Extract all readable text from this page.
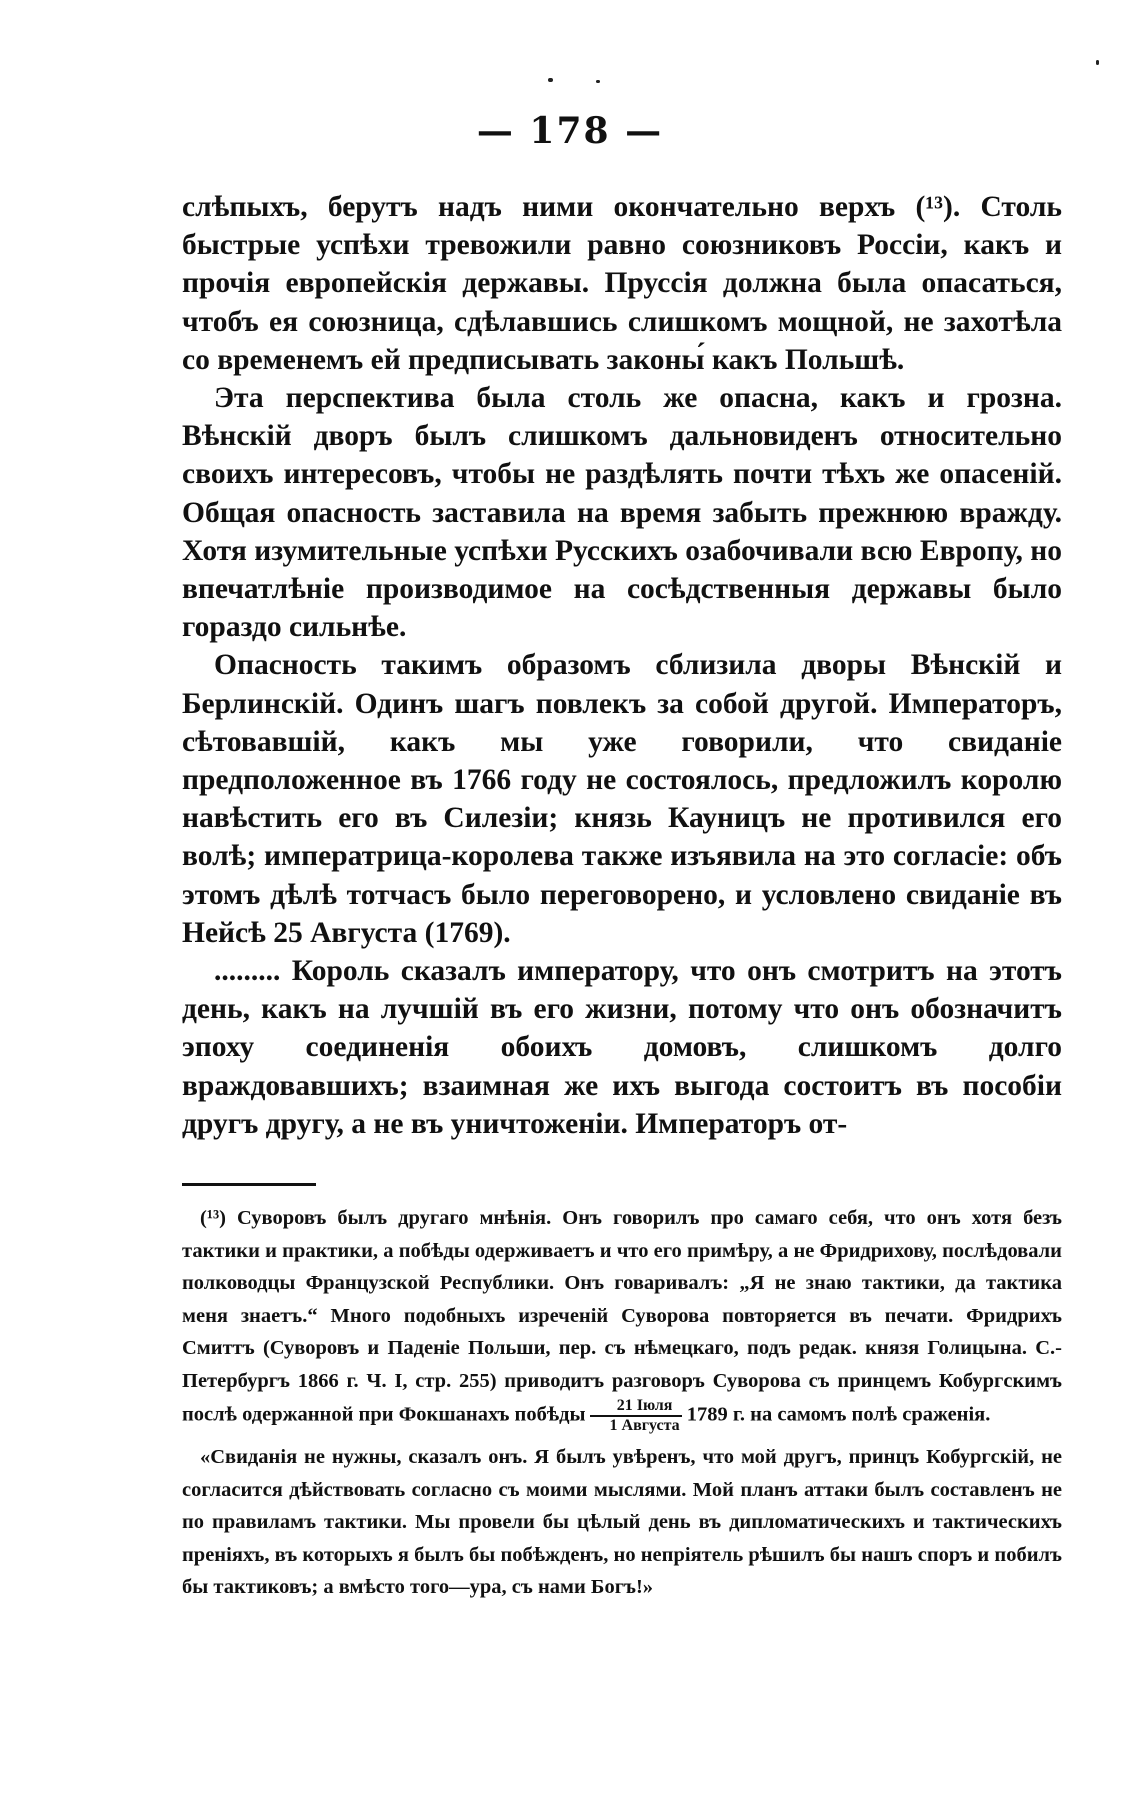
— 178 —

слѣпыхъ, берутъ надъ ними окончательно верхъ (¹³). Столь быстрые успѣхи тревожили равно союзниковъ Россіи, какъ и прочія европейскія державы. Пруссія должна была опасаться, чтобъ ея союзница, сдѣлавшись слишкомъ мощной, не захотѣла со временемъ ей предписывать законы́ какъ Польшѣ.

Эта перспектива была столь же опасна, какъ и грозна. Вѣнскій дворъ былъ слишкомъ дальновиденъ относительно своихъ интересовъ, чтобы не раздѣлять почти тѣхъ же опасеній. Общая опасность заставила на время забыть прежнюю вражду. Хотя изумительные успѣхи Русскихъ озабочивали всю Европу, но впечатлѣніе производимое на сосѣдственныя державы было гораздо сильнѣе.

Опасность такимъ образомъ сблизила дворы Вѣнскій и Берлинскій. Одинъ шагъ повлекъ за собой другой. Императоръ, сѣтовавшій, какъ мы уже говорили, что свиданіе предположенное въ 1766 году не состоялось, предложилъ королю навѣстить его въ Силезіи; князь Кауницъ не противился его волѣ; императрица-королева также изъявила на это согласіе: объ этомъ дѣлѣ тотчасъ было переговорено, и условлено свиданіе въ Нейсѣ 25 Августа (1769).

......... Король сказалъ императору, что онъ смотритъ на этотъ день, какъ на лучшій въ его жизни, потому что онъ обозначитъ эпоху соединенія обоихъ домовъ, слишкомъ долго враждовавшихъ; взаимная же ихъ выгода состоитъ въ пособіи другъ другу, а не въ уничтоженіи. Императоръ от-

(¹³) Суворовъ былъ другаго мнѣнія. Онъ говорилъ про самаго себя, что онъ хотя безъ тактики и практики, а побѣды одерживаетъ и что его примѣру, а не Фридрихову, послѣдовали полководцы Французской Республики. Онъ говаривалъ: „Я не знаю тактики, да тактика меня знаетъ.“ Много подобныхъ изреченій Суворова повторяется въ печати. Фридрихъ Смиттъ (Суворовъ и Паденіе Польши, пер. съ нѣмецкаго, подъ редак. князя Голицына. С.-Петербургъ 1866 г. Ч. I, стр. 255) приводитъ разговоръ Суворова съ принцемъ Кобургскимъ послѣ одержанной при Фокшанахъ побѣды $\frac{\text{21 Іюля}}{\text{1 Августа}} 1789$ г. на самомъ полѣ сраженія.

«Свиданія не нужны, сказалъ онъ. Я былъ увѣренъ, что мой другъ, принцъ Кобургскій, не согласится дѣйствовать согласно съ моими мыслями. Мой планъ аттаки былъ составленъ не по правиламъ тактики. Мы провели бы цѣлый день въ дипломатическихъ и тактическихъ преніяхъ, въ которыхъ я былъ бы побѣжденъ, но непріятель рѣшилъ бы нашъ споръ и побилъ бы тактиковъ; а вмѣсто того—ура, съ нами Богъ!»
